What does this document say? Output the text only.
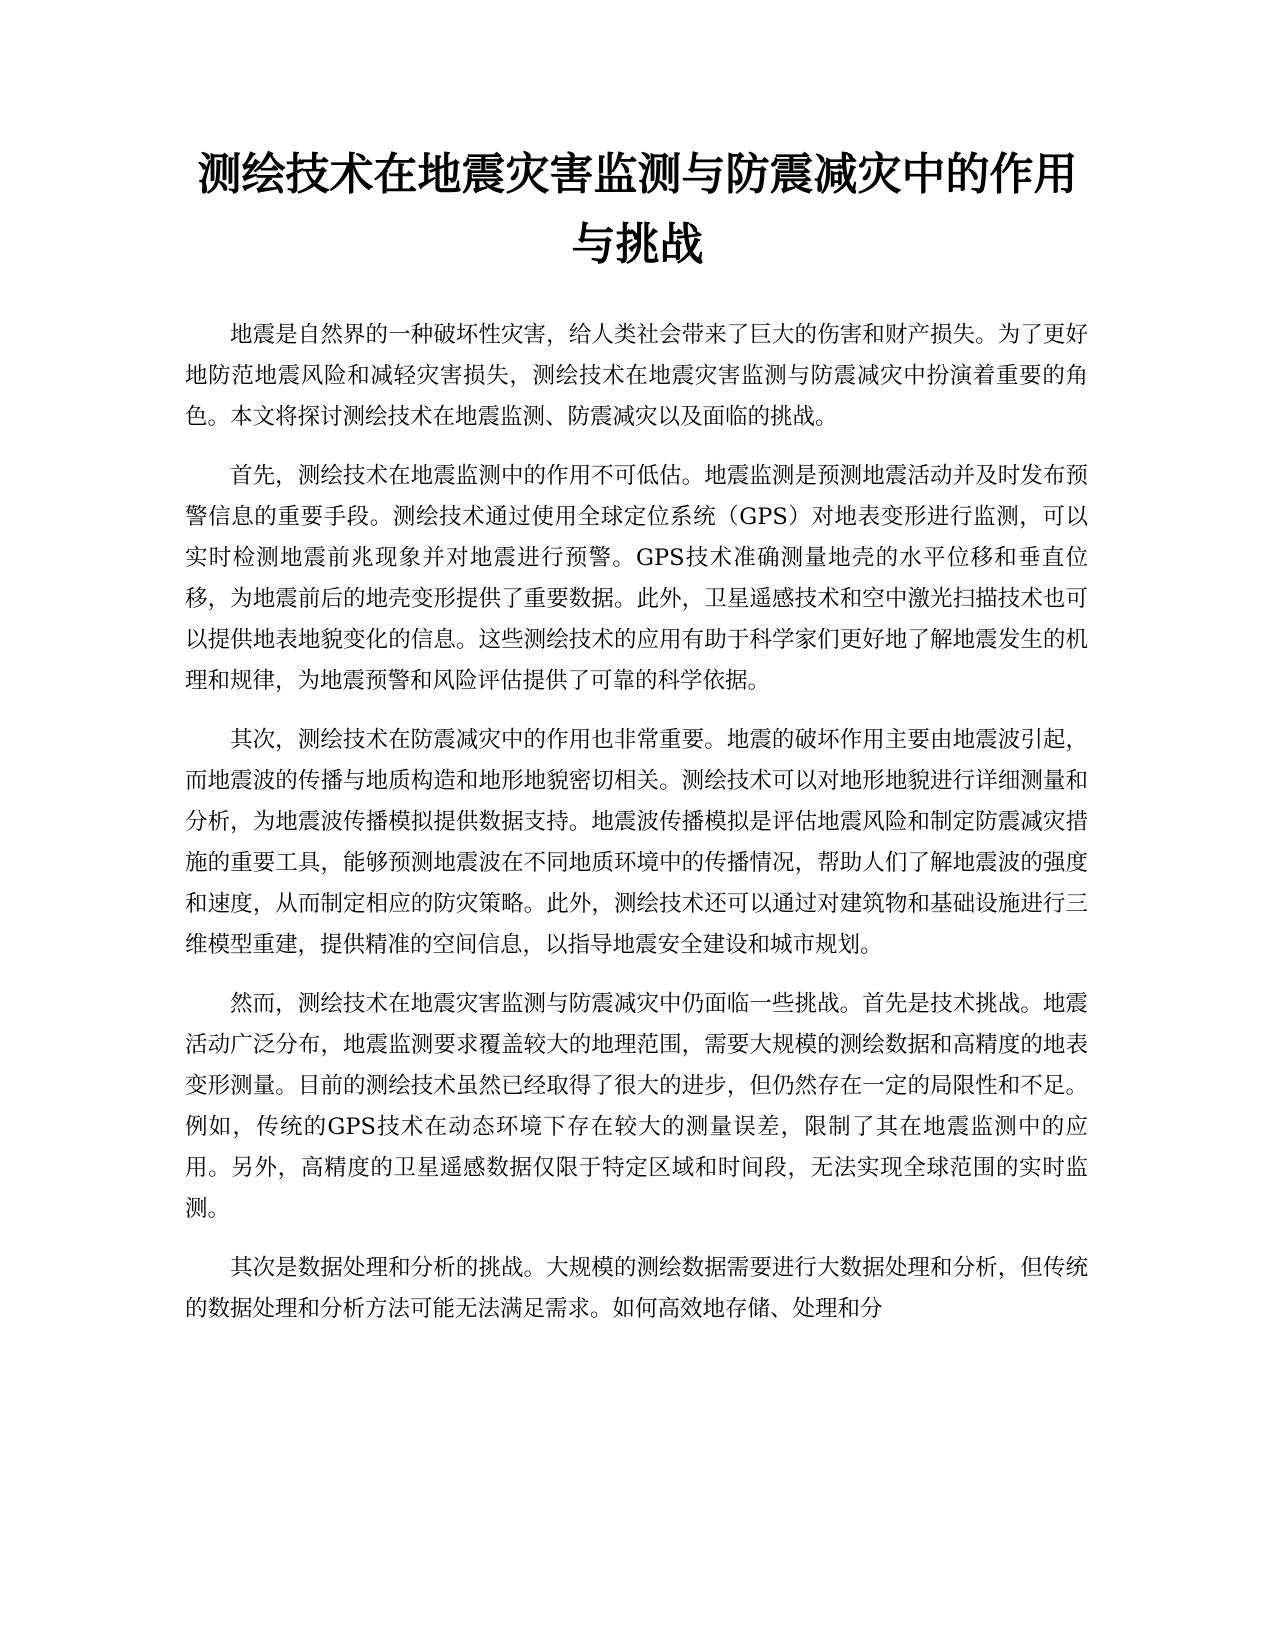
测绘技术在地震灾害监测与防震减灾中的作用与挑战

地震是自然界的一种破坏性灾害，给人类社会带来了巨大的伤害和财产损失。为了更好地防范地震风险和减轻灾害损失，测绘技术在地震灾害监测与防震减灾中扮演着重要的角色。本文将探讨测绘技术在地震监测、防震减灾以及面临的挑战。

首先，测绘技术在地震监测中的作用不可低估。地震监测是预测地震活动并及时发布预警信息的重要手段。测绘技术通过使用全球定位系统（GPS）对地表变形进行监测，可以实时检测地震前兆现象并对地震进行预警。GPS技术准确测量地壳的水平位移和垂直位移，为地震前后的地壳变形提供了重要数据。此外，卫星遥感技术和空中激光扫描技术也可以提供地表地貌变化的信息。这些测绘技术的应用有助于科学家们更好地了解地震发生的机理和规律，为地震预警和风险评估提供了可靠的科学依据。

其次，测绘技术在防震减灾中的作用也非常重要。地震的破坏作用主要由地震波引起，而地震波的传播与地质构造和地形地貌密切相关。测绘技术可以对地形地貌进行详细测量和分析，为地震波传播模拟提供数据支持。地震波传播模拟是评估地震风险和制定防震减灾措施的重要工具，能够预测地震波在不同地质环境中的传播情况，帮助人们了解地震波的强度和速度，从而制定相应的防灾策略。此外，测绘技术还可以通过对建筑物和基础设施进行三维模型重建，提供精准的空间信息，以指导地震安全建设和城市规划。

然而，测绘技术在地震灾害监测与防震减灾中仍面临一些挑战。首先是技术挑战。地震活动广泛分布，地震监测要求覆盖较大的地理范围，需要大规模的测绘数据和高精度的地表变形测量。目前的测绘技术虽然已经取得了很大的进步，但仍然存在一定的局限性和不足。例如，传统的GPS技术在动态环境下存在较大的测量误差，限制了其在地震监测中的应用。另外，高精度的卫星遥感数据仅限于特定区域和时间段，无法实现全球范围的实时监测。

其次是数据处理和分析的挑战。大规模的测绘数据需要进行大数据处理和分析，但传统的数据处理和分析方法可能无法满足需求。如何高效地存储、处理和分
